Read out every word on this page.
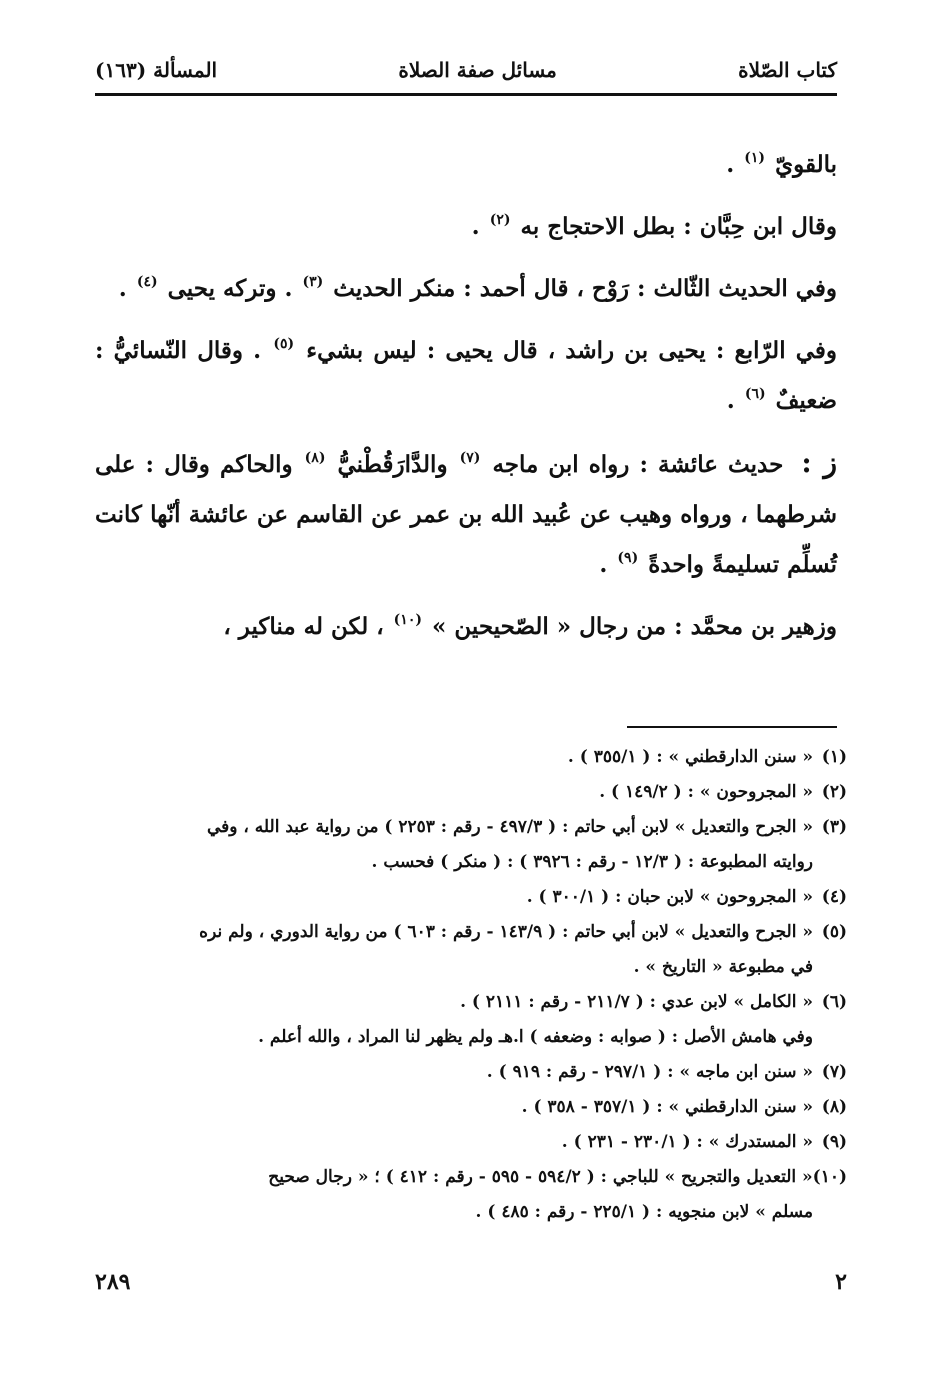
كتاب الصّلاة
مسائل صفة الصلاة
المسألة (١٦٣)

بالقويّ $^{(١)}$ .

وقال ابن حِبَّان : بطل الاحتجاج به $^{(٢)}$ .

وفي الحديث الثّالث : رَوْح ، قال أحمد : منكر الحديث $^{(٣)}$ . وتركه يحيى $^{(٤)}$ .

وفي الرّابع : يحيى بن راشد ، قال يحيى : ليس بشيء $^{(٥)}$ . وقال النّسائيُّ : ضعيفٌ $^{(٦)}$ .

ز : حديث عائشة : رواه ابن ماجه $^{(٧)}$ والدَّارَقُطْنيُّ $^{(٨)}$ والحاكم وقال : على شرطهما ، ورواه وهيب عن عُبيد الله بن عمر عن القاسم عن عائشة أنّها كانت تُسلِّم تسليمةً واحدةً $^{(٩)}$ .

وزهير بن محمَّد : من رجال « الصّحيحين » $^{(١٠)}$ ، لكن له مناكير ،

(١)
« سنن الدارقطني » : ( ٣٥٥/١ ) .
(٢)
« المجروحون » : ( ١٤٩/٢ ) .
(٣)
« الجرح والتعديل » لابن أبي حاتم : ( ٤٩٧/٣ - رقم : ٢٢٥٣ ) من رواية عبد الله ، وفي
روايته المطبوعة : ( ١٢/٣ - رقم : ٣٩٢٦ ) : ( منكر ) فحسب .
(٤)
« المجروحون » لابن حبان : ( ٣٠٠/١ ) .
(٥)
« الجرح والتعديل » لابن أبي حاتم : ( ١٤٣/٩ - رقم : ٦٠٣ ) من رواية الدوري ، ولم نره
في مطبوعة « التاريخ » .
(٦)
« الكامل » لابن عدي : ( ٢١١/٧ - رقم : ٢١١١ ) .
وفي هامش الأصل : ( صوابه : وضعفه ) ا.هـ ولم يظهر لنا المراد ، والله أعلم .
(٧)
« سنن ابن ماجه » : ( ٢٩٧/١ - رقم : ٩١٩ ) .
(٨)
« سنن الدارقطني » : ( ٣٥٧/١ - ٣٥٨ ) .
(٩)
« المستدرك » : ( ٢٣٠/١ - ٢٣١ ) .
(١٠)
« التعديل والتجريح » للباجي : ( ٥٩٤/٢ - ٥٩٥ - رقم : ٤١٢ ) ؛ « رجال صحيح
مسلم » لابن منجويه : ( ٢٢٥/١ - رقم : ٤٨٥ ) .
٢
٢٨٩
